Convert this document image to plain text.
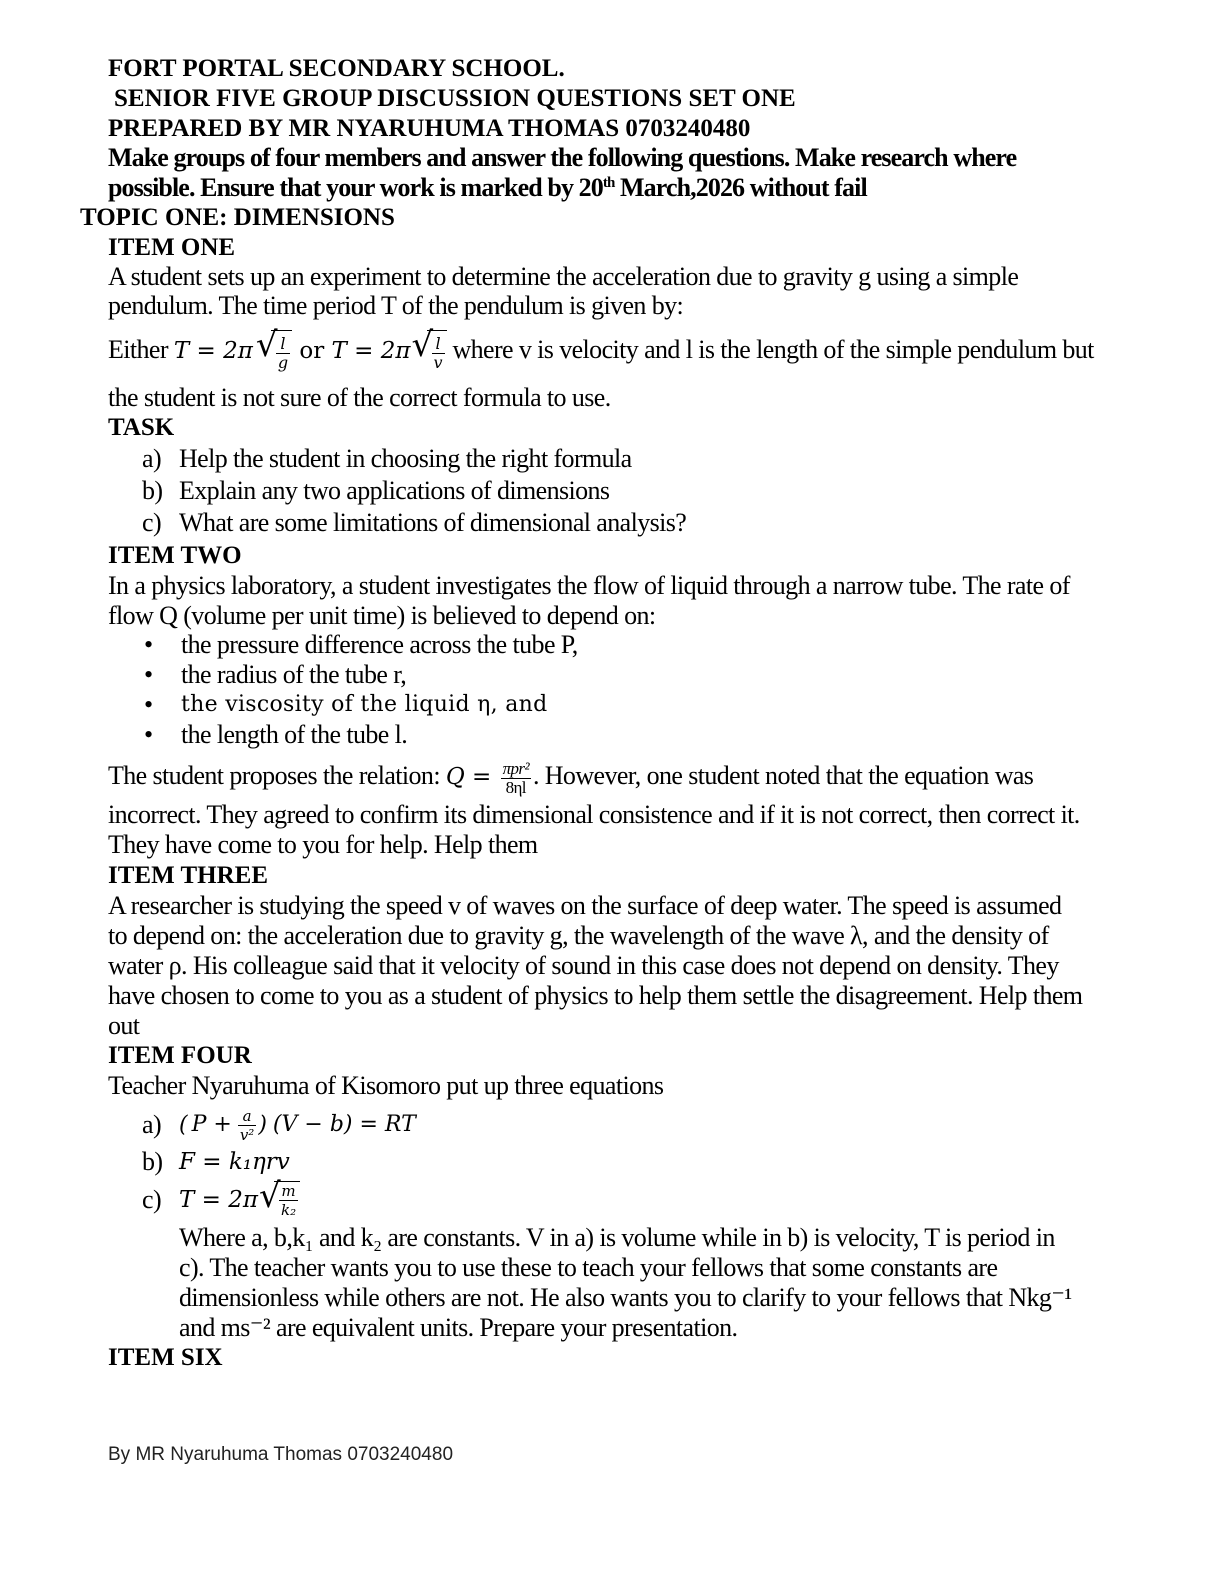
FORT PORTAL SECONDARY SCHOOL.
SENIOR FIVE GROUP DISCUSSION QUESTIONS SET ONE
PREPARED BY MR NYARUHUMA THOMAS 0703240480
Make groups of four members and answer the following questions. Make research where
possible. Ensure that your work is marked by 20th March,2026 without fail
TOPIC ONE: DIMENSIONS
ITEM ONE
A student sets up an experiment to determine the acceleration due to gravity g using a simple
pendulum. The time period T of the pendulum is given by:
Either T = 2π √ $\frac{l}{g}$ or T = 2π √ $\frac{l}{v}$ where v is velocity and l is the length of the simple pendulum but
the student is not sure of the correct formula to use.
TASK
a) Help the student in choosing the right formula
b) Explain any two applications of dimensions
c) What are some limitations of dimensional analysis?
ITEM TWO
In a physics laboratory, a student investigates the flow of liquid through a narrow tube. The rate of
flow Q (volume per unit time) is believed to depend on:
•	the pressure difference across the tube P,
•	the radius of the tube r,
•	the viscosity of the liquid η, and
•	the length of the tube l.
The student proposes the relation: $Q = \frac{\text{πpr²}}{8\eta l}$ . However, one student noted that the equation was
incorrect. They agreed to confirm its dimensional consistence and if it is not correct, then correct it.
They have come to you for help. Help them
ITEM THREE
A researcher is studying the speed v of waves on the surface of deep water. The speed is assumed
to depend on: the acceleration due to gravity g, the wavelength of the wave λ, and the density of
water ρ. His colleague said that it velocity of sound in this case does not depend on density. They
have chosen to come to you as a student of physics to help them settle the disagreement. Help them
out
ITEM FOUR
Teacher Nyaruhuma of Kisomoro put up three equations
a) ( $P + \frac{a}{\text{v²}}$ ) (V − b) = RT
b) F = k₁ηrv
c) T = 2π √ $\frac{m}{\text{k₂}}$
Where a, b,k₁ and k₂ are constants. V in a) is volume while in b) is velocity, T is period in
c). The teacher wants you to use these to teach your fellows that some constants are
dimensionless while others are not. He also wants you to clarify to your fellows that Nkg⁻¹
and ms⁻² are equivalent units. Prepare your presentation.
ITEM SIX
By MR Nyaruhuma Thomas 0703240480
